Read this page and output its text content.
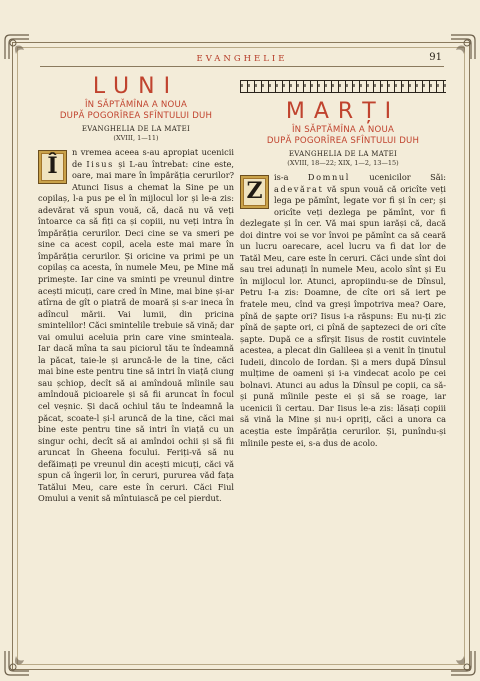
EVANGHELIE	91
LUNI
ÎN SĂPTĂMÎNA A NOUA
DUPĂ POGORÎREA SFÎNTULUI DUH
EVANGHELIA DE LA MATEI
(XVIII, 1—11)

Î
n vremea aceea s-au apropiat ucenicii de Iisus și L-au întrebat: cine este, oare, mai mare în împărăția cerurilor? Atunci Iisus a chemat la Sine pe un copilaș, l-a pus pe el în mijlocul lor și le-a zis: adevărat vă spun vouă, că, dacă nu vă veți întoarce ca să fiți ca și copiii, nu veți intra în împărăția cerurilor. Deci cine se va smeri pe sine ca acest copil, acela este mai mare în împărăția cerurilor. Și oricine va primi pe un copilaș ca acesta, în numele Meu, pe Mine mă primește. Iar cine va sminti pe vreunul dintre acești micuți, care cred în Mine, mai bine și-ar atîrna de gît o piatră de moară și s-ar ineca în adîncul mării. Vai lumii, din pricina smintelilor! Căci smintelile trebuie să vină; dar vai omului aceluia prin care vine sminteala. Iar dacă mîna ta sau piciorul tău te îndeamnă la păcat, taie-le și aruncă-le de la tine, căci mai bine este pentru tine să intri în viață ciung sau șchiop, decît să ai amîndouă mîinile sau amîndouă picioarele și să fii aruncat în focul cel veșnic. Și dacă ochiul tău te îndeamnă la păcat, scoate-l și-l aruncă de la tine, căci mai bine este pentru tine să intri în viață cu un singur ochi, decît să ai amîndoi ochii și să fii aruncat în Gheena focului. Feriți-vă să nu defăimați pe vreunul din acești micuți, căci vă spun că îngerii lor, în ceruri, pururea văd fața Tatălui Meu, care este în ceruri. Căci Fiul Omului a venit să mîntuiască pe cel pierdut.

MARȚI
ÎN SĂPTĂMÎNA A NOUA
DUPĂ POGORÎREA SFÎNTULUI DUH
EVANGHELIA DE LA MATEI
(XVIII, 18—22; XIX, 1—2, 13—15)

Z
is-a Domnul ucenicilor Săi: adevărat vă spun vouă că oricîte veți lega pe pămînt, legate vor fi și în cer; și oricîte veți dezlega pe pămînt, vor fi dezlegate și în cer. Vă mai spun iarăși că, dacă doi dintre voi se vor învoi pe pămînt ca să ceară un lucru oarecare, acel lucru va fi dat lor de Tatăl Meu, care este în ceruri. Căci unde sînt doi sau trei adunați în numele Meu, acolo sînt și Eu în mijlocul lor. Atunci, apropiindu-se de Dînsul, Petru I-a zis: Doamne, de cîte ori să iert pe fratele meu, cînd va greși împotriva mea? Oare, pînă de șapte ori? Iisus i-a răspuns: Eu nu-ți zic pînă de șapte ori, ci pînă de șaptezeci de ori cîte șapte. După ce a sfîrșit Iisus de rostit cuvintele acestea, a plecat din Galileea și a venit în ținutul Iudeii, dincolo de Iordan. Și a mers după Dînsul mulțime de oameni și i-a vindecat acolo pe cei bolnavi. Atunci au adus la Dînsul pe copii, ca să-și pună mîinile peste ei și să se roage, iar ucenicii îi certau. Dar Iisus le-a zis: lăsați copiii să vină la Mine și nu-i opriți, căci a unora ca aceștia este împărăția cerurilor. Și, punîndu-și mîinile peste ei, s-a dus de acolo.
